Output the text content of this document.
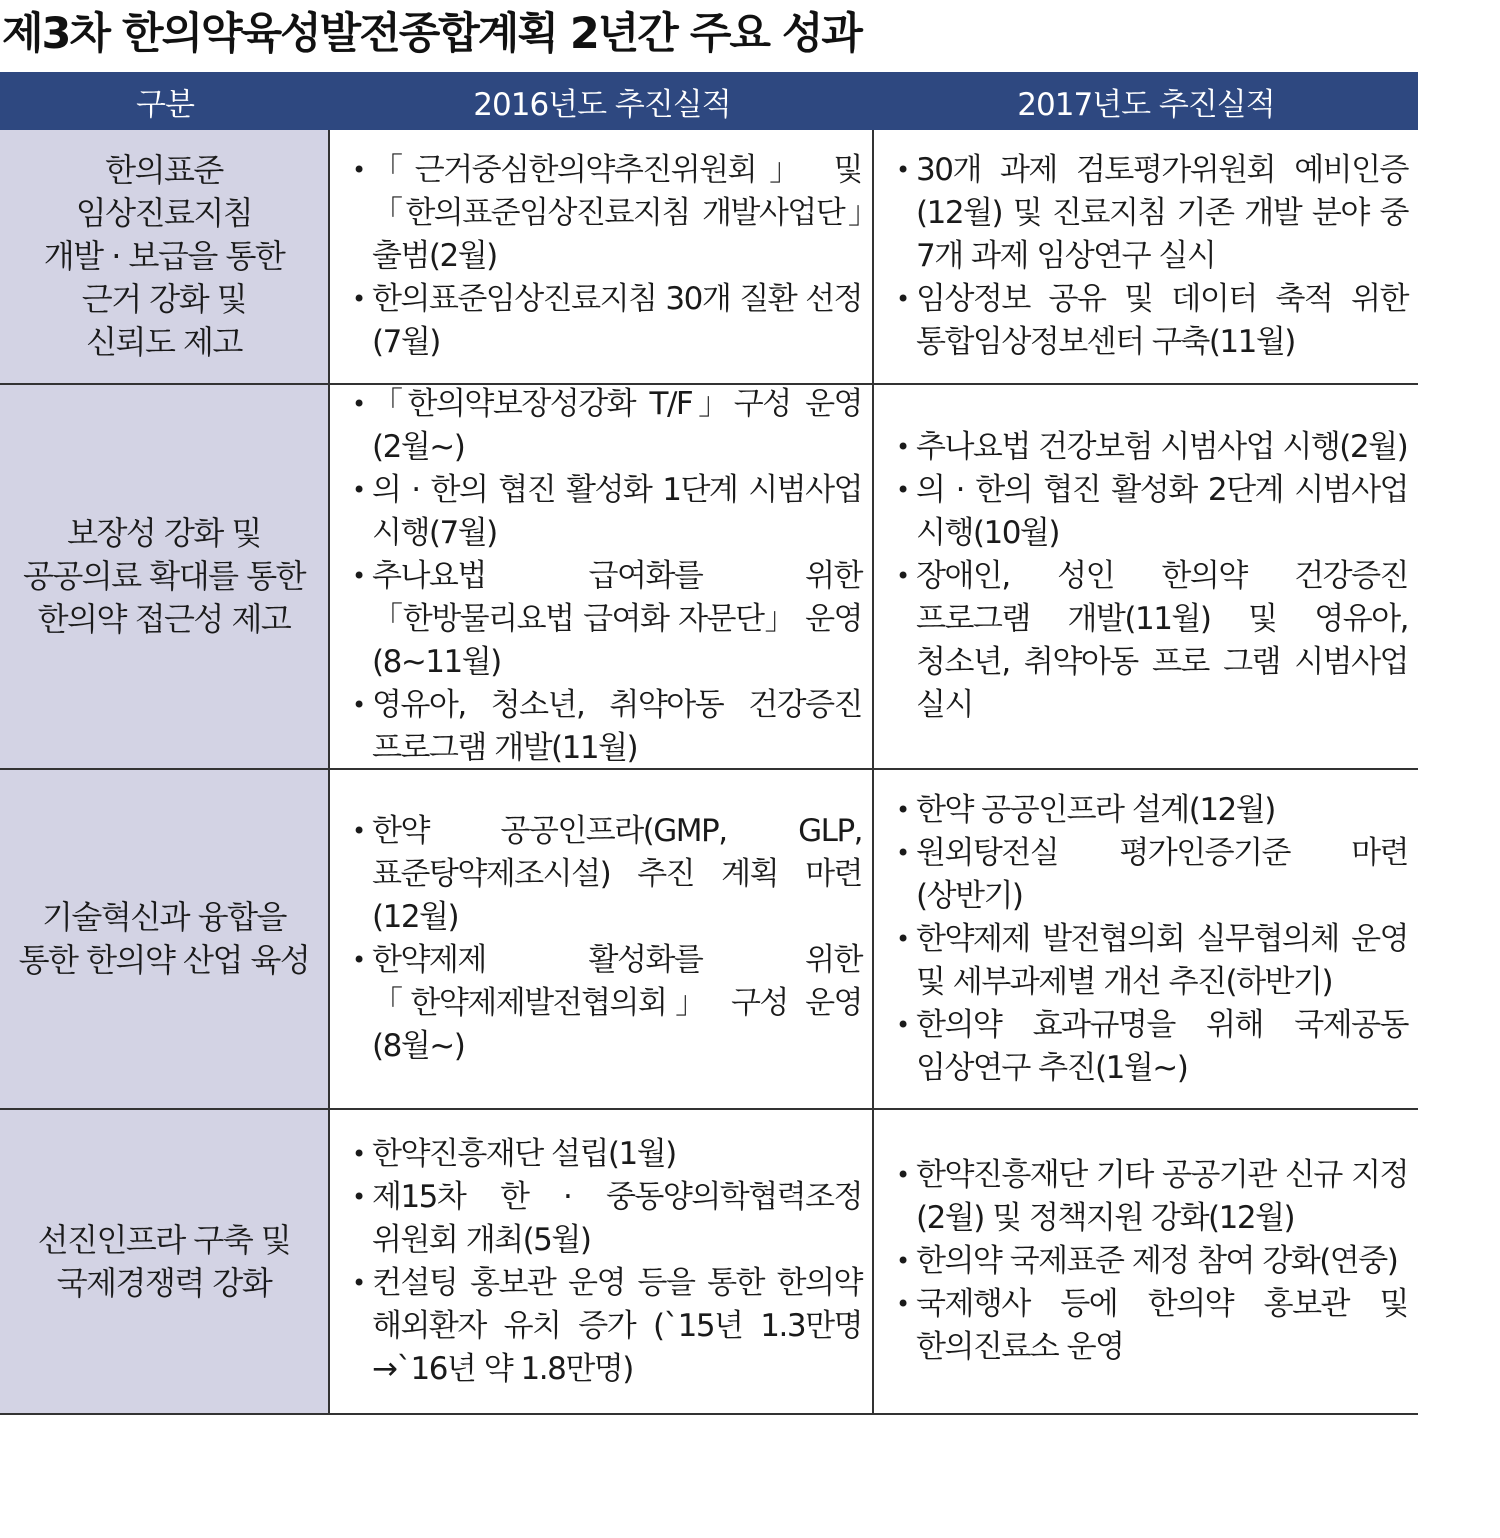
제3차 한의약육성발전종합계획 2년간 주요 성과
구분	2016년도 추진실적	2017년도 추진실적
한의표준
임상진료지침
개발 · 보급을 통한
근거 강화 및
신뢰도 제고
• 「근거중심한의약추진위원회」 및 「한의표준임상진료지침 개발사업단」출범(2월)
• 한의표준임상진료지침 30개 질환 선정(7월)
• 30개 과제 검토평가위원회 예비인증(12월) 및 진료지침 기존 개발 분야 중 7개 과제 임상연구 실시
• 임상정보 공유 및 데이터 축적 위한 통합임상정보센터 구축(11월)
보장성 강화 및
공공의료 확대를 통한
한의약 접근성 제고
• 「한의약보장성강화 T/F」구성 운영(2월~)
• 의 · 한의 협진 활성화 1단계 시범사업 시행(7월)
• 추나요법 급여화를 위한 「한방물리요법 급여화 자문단」 운영(8~11월)
• 영유아, 청소년, 취약아동 건강증진 프로그램 개발(11월)
• 추나요법 건강보험 시범사업 시행(2월)
• 의 · 한의 협진 활성화 2단계 시범사업 시행(10월)
• 장애인, 성인 한의약 건강증진 프로그램 개발(11월) 및 영유아, 청소년, 취약아동 프로 그램 시범사업 실시
기술혁신과 융합을
통한 한의약 산업 육성
• 한약 공공인프라(GMP, GLP, 표준탕약제조시설) 추진 계획 마련(12월)
• 한약제제 활성화를 위한 「한약제제발전협의회」 구성 운영(8월~)
• 한약 공공인프라 설계(12월)
• 원외탕전실 평가인증기준 마련(상반기)
• 한약제제 발전협의회 실무협의체 운영 및 세부과제별 개선 추진(하반기)
• 한의약 효과규명을 위해 국제공동 임상연구 추진(1월~)
선진인프라 구축 및
국제경쟁력 강화
• 한약진흥재단 설립(1월)
• 제15차 한 · 중동양의학협력조정 위원회 개최(5월)
• 컨설팅 홍보관 운영 등을 통한 한의약 해외환자 유치 증가 (`15년 1.3만명 →`16년 약 1.8만명)
• 한약진흥재단 기타 공공기관 신규 지정(2월) 및 정책지원 강화(12월)
• 한의약 국제표준 제정 참여 강화(연중)
• 국제행사 등에 한의약 홍보관 및 한의진료소 운영
